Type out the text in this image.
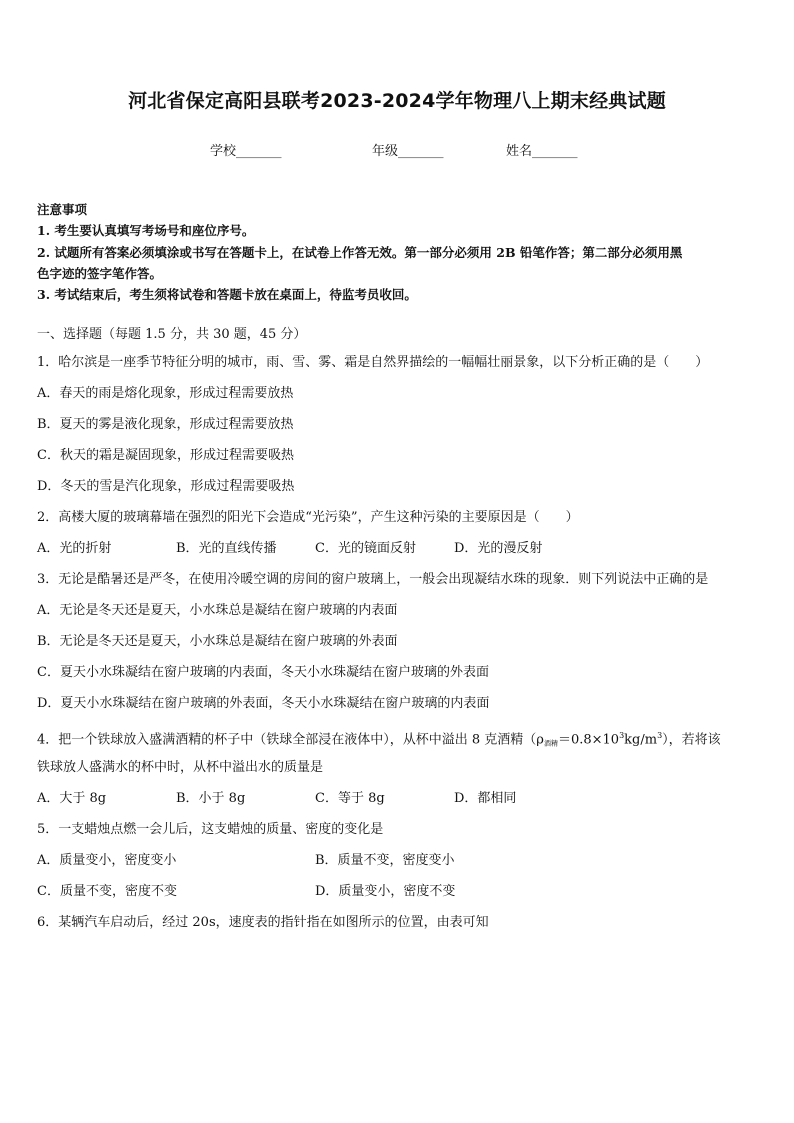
河北省保定高阳县联考2023-2024学年物理八上期末经典试题
学校_______	年级_______	姓名_______
注意事项
1. 考生要认真填写考场号和座位序号。
2. 试题所有答案必须填涂或书写在答题卡上，在试卷上作答无效。第一部分必须用 2B 铅笔作答；第二部分必须用黑
色字迹的签字笔作答。
3. 考试结束后，考生须将试卷和答题卡放在桌面上，待监考员收回。
一、选择题（每题 1.5 分，共 30 题，45 分）
1．哈尔滨是一座季节特征分明的城市，雨、雪、雾、霜是自然界描绘的一幅幅壮丽景象，以下分析正确的是（　　）
A．春天的雨是熔化现象，形成过程需要放热
B．夏天的雾是液化现象，形成过程需要放热
C．秋天的霜是凝固现象，形成过程需要吸热
D．冬天的雪是汽化现象，形成过程需要吸热
2．高楼大厦的玻璃幕墙在强烈的阳光下会造成“光污染”，产生这种污染的主要原因是（　　）
A．光的折射	B．光的直线传播	C．光的镜面反射	D．光的漫反射
3．无论是酷暑还是严冬，在使用冷暖空调的房间的窗户玻璃上，一般会出现凝结水珠的现象．则下列说法中正确的是
A．无论是冬天还是夏天，小水珠总是凝结在窗户玻璃的内表面
B．无论是冬天还是夏天，小水珠总是凝结在窗户玻璃的外表面
C．夏天小水珠凝结在窗户玻璃的内表面，冬天小水珠凝结在窗户玻璃的外表面
D．夏天小水珠凝结在窗户玻璃的外表面，冬天小水珠凝结在窗户玻璃的内表面
4．把一个铁球放入盛满酒精的杯子中（铁球全部浸在液体中），从杯中溢出 8 克酒精$(\rho_{酒精}=0.8\times 10^3kg/m^3)$，若将该
铁球放人盛满水的杯中时，从杯中溢出水的质量是
A．大于 8g	B．小于 8g	C．等于 8g	D．都相同
5．一支蜡烛点燃一会儿后，这支蜡烛的质量、密度的变化是
A．质量变小，密度变小	B．质量不变，密度变小
C．质量不变，密度不变	D．质量变小，密度不变
6．某辆汽车启动后，经过 20s，速度表的指针指在如图所示的位置，由表可知
